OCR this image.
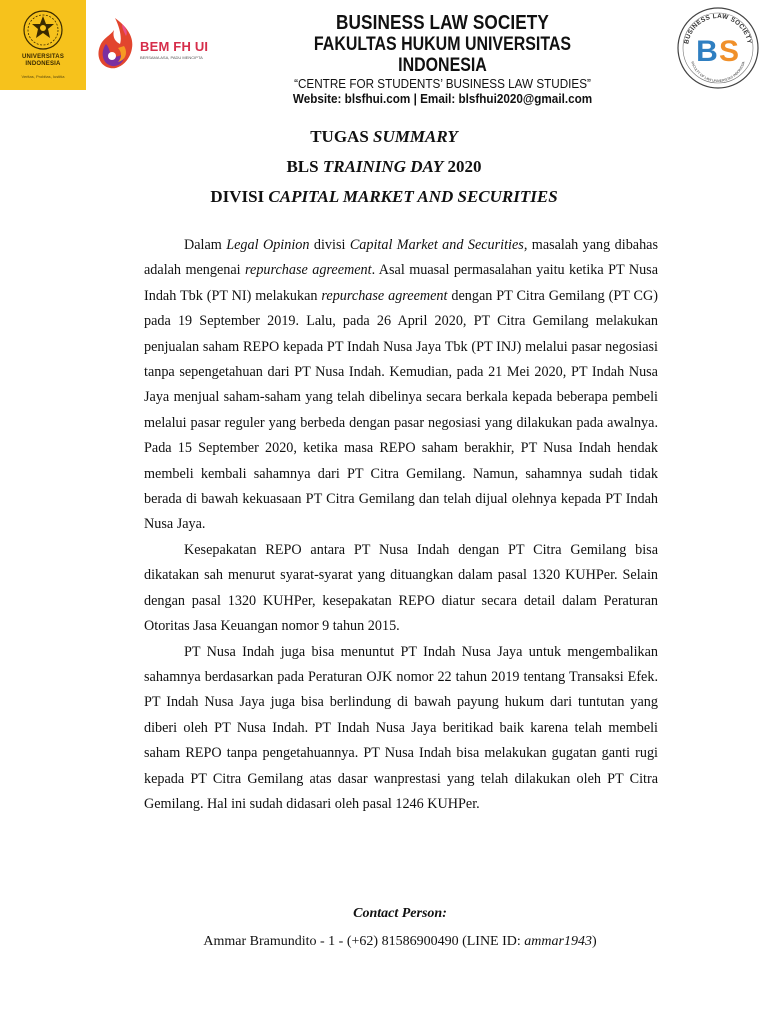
UNIVERSITAS INDONESIA
Veritas, Probitas, Iustitia
BEM FH UI
BERSAMA ASA, PADU MENCIPTA
BUSINESS LAW SOCIETY
FAKULTAS HUKUM UNIVERSITAS INDONESIA
“CENTRE FOR STUDENTS’ BUSINESS LAW STUDIES”
Website: blsfhui.com | Email: blsfhui2020@gmail.com
BUSINESS LAW SOCIETY
FACULTY OF LAW UNIVERSITAS INDONESIA
B S
TUGAS SUMMARY
BLS TRAINING DAY 2020
DIVISI CAPITAL MARKET AND SECURITIES

Dalam Legal Opinion divisi Capital Market and Securities, masalah yang dibahas adalah mengenai repurchase agreement. Asal muasal permasalahan yaitu ketika PT Nusa Indah Tbk (PT NI) melakukan repurchase agreement dengan PT Citra Gemilang (PT CG) pada 19 September 2019. Lalu, pada 26 April 2020, PT Citra Gemilang melakukan penjualan saham REPO kepada PT Indah Nusa Jaya Tbk (PT INJ) melalui pasar negosiasi tanpa sepengetahuan dari PT Nusa Indah. Kemudian, pada 21 Mei 2020, PT Indah Nusa Jaya menjual saham-saham yang telah dibelinya secara berkala kepada beberapa pembeli melalui pasar reguler yang berbeda dengan pasar negosiasi yang dilakukan pada awalnya. Pada 15 September 2020, ketika masa REPO saham berakhir, PT Nusa Indah hendak membeli kembali sahamnya dari PT Citra Gemilang. Namun, sahamnya sudah tidak berada di bawah kekuasaan PT Citra Gemilang dan telah dijual olehnya kepada PT Indah Nusa Jaya.

Kesepakatan REPO antara PT Nusa Indah dengan PT Citra Gemilang bisa dikatakan sah menurut syarat-syarat yang dituangkan dalam pasal 1320 KUHPer. Selain dengan pasal 1320 KUHPer, kesepakatan REPO diatur secara detail dalam Peraturan Otoritas Jasa Keuangan nomor 9 tahun 2015.

PT Nusa Indah juga bisa menuntut PT Indah Nusa Jaya untuk mengembalikan sahamnya berdasarkan pada Peraturan OJK nomor 22 tahun 2019 tentang Transaksi Efek. PT Indah Nusa Jaya juga bisa berlindung di bawah payung hukum dari tuntutan yang diberi oleh PT Nusa Indah. PT Indah Nusa Jaya beritikad baik karena telah membeli saham REPO tanpa pengetahuannya. PT Nusa Indah bisa melakukan gugatan ganti rugi kepada PT Citra Gemilang atas dasar wanprestasi yang telah dilakukan oleh PT Citra Gemilang. Hal ini sudah didasari oleh pasal 1246 KUHPer.

Contact Person:
Ammar Bramundito - 1 - (+62) 81586900490 (LINE ID: ammar1943)
